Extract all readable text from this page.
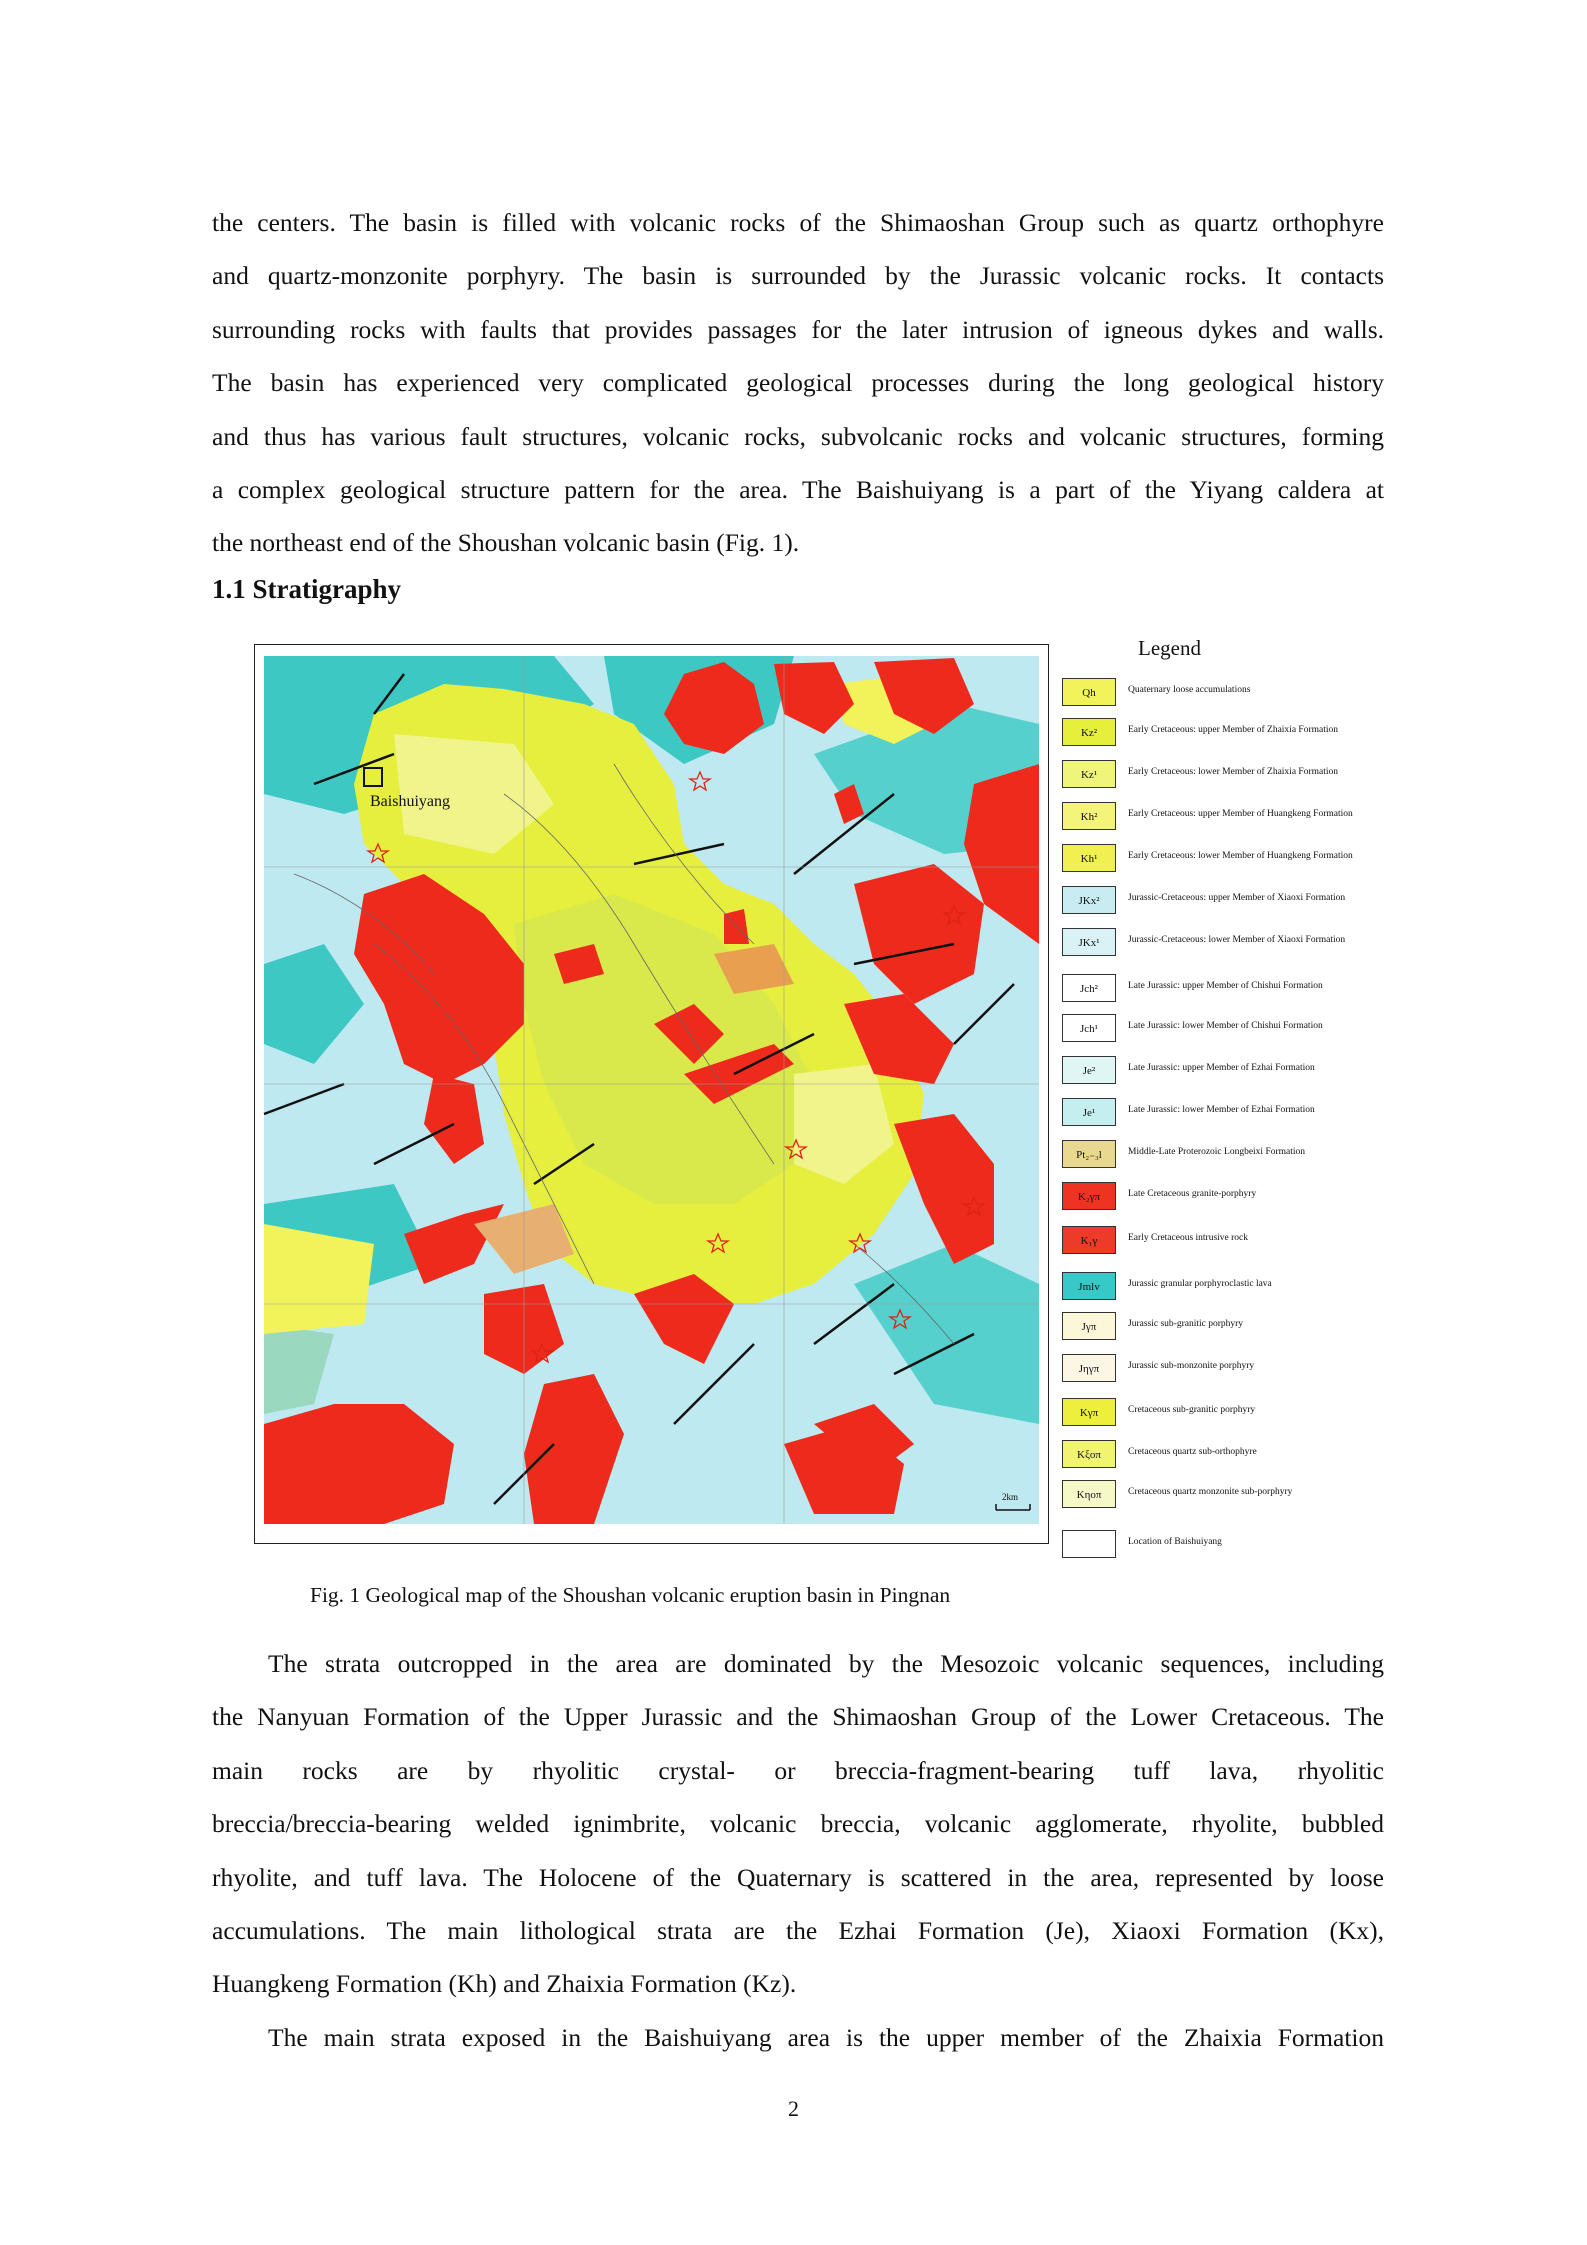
the centers. The basin is filled with volcanic rocks of the Shimaoshan Group such as quartz orthophyre
and quartz-monzonite porphyry. The basin is surrounded by the Jurassic volcanic rocks. It contacts
surrounding rocks with faults that provides passages for the later intrusion of igneous dykes and walls.
The basin has experienced very complicated geological processes during the long geological history
and thus has various fault structures, volcanic rocks, subvolcanic rocks and volcanic structures, forming
a complex geological structure pattern for the area. The Baishuiyang is a part of the Yiyang caldera at
the northeast end of the Shoushan volcanic basin (Fig. 1).
1.1 Stratigraphy
Baishuiyang
2km
Legend
Qh	Quaternary loose accumulations
Kz²	Early Cretaceous: upper Member of Zhaixia Formation
Kz¹	Early Cretaceous: lower Member of Zhaixia Formation
Kh²	Early Cretaceous: upper Member of Huangkeng Formation
Kh¹	Early Cretaceous: lower Member of Huangkeng Formation
JKx²	Jurassic-Cretaceous: upper Member of Xiaoxi Formation
JKx¹	Jurassic-Cretaceous: lower Member of Xiaoxi Formation
Jch²	Late Jurassic: upper Member of Chishui Formation
Jch¹	Late Jurassic: lower Member of Chishui Formation
Je²	Late Jurassic: upper Member of Ezhai Formation
Je¹	Late Jurassic: lower Member of Ezhai Formation
Pt₂₋₃l	Middle-Late Proterozoic Longbeixi Formation
K₂γπ	Late Cretaceous granite-porphyry
K₁γ	Early Cretaceous intrusive rock
Jmlv	Jurassic granular porphyroclastic lava
Jγπ	Jurassic sub-granitic porphyry
Jηγπ	Jurassic sub-monzonite porphyry
Kγπ	Cretaceous sub-granitic porphyry
Kξoπ	Cretaceous quartz sub-orthophyre
Kηoπ	Cretaceous quartz monzonite sub-porphyry
Location of Baishuiyang
Fig. 1 Geological map of the Shoushan volcanic eruption basin in Pingnan
The strata outcropped in the area are dominated by the Mesozoic volcanic sequences, including
the Nanyuan Formation of the Upper Jurassic and the Shimaoshan Group of the Lower Cretaceous. The
main rocks are by rhyolitic crystal- or breccia-fragment-bearing tuff lava, rhyolitic
breccia/breccia-bearing welded ignimbrite, volcanic breccia, volcanic agglomerate, rhyolite, bubbled
rhyolite, and tuff lava. The Holocene of the Quaternary is scattered in the area, represented by loose
accumulations. The main lithological strata are the Ezhai Formation (Je), Xiaoxi Formation (Kx),
Huangkeng Formation (Kh) and Zhaixia Formation (Kz).
The main strata exposed in the Baishuiyang area is the upper member of the Zhaixia Formation
2
